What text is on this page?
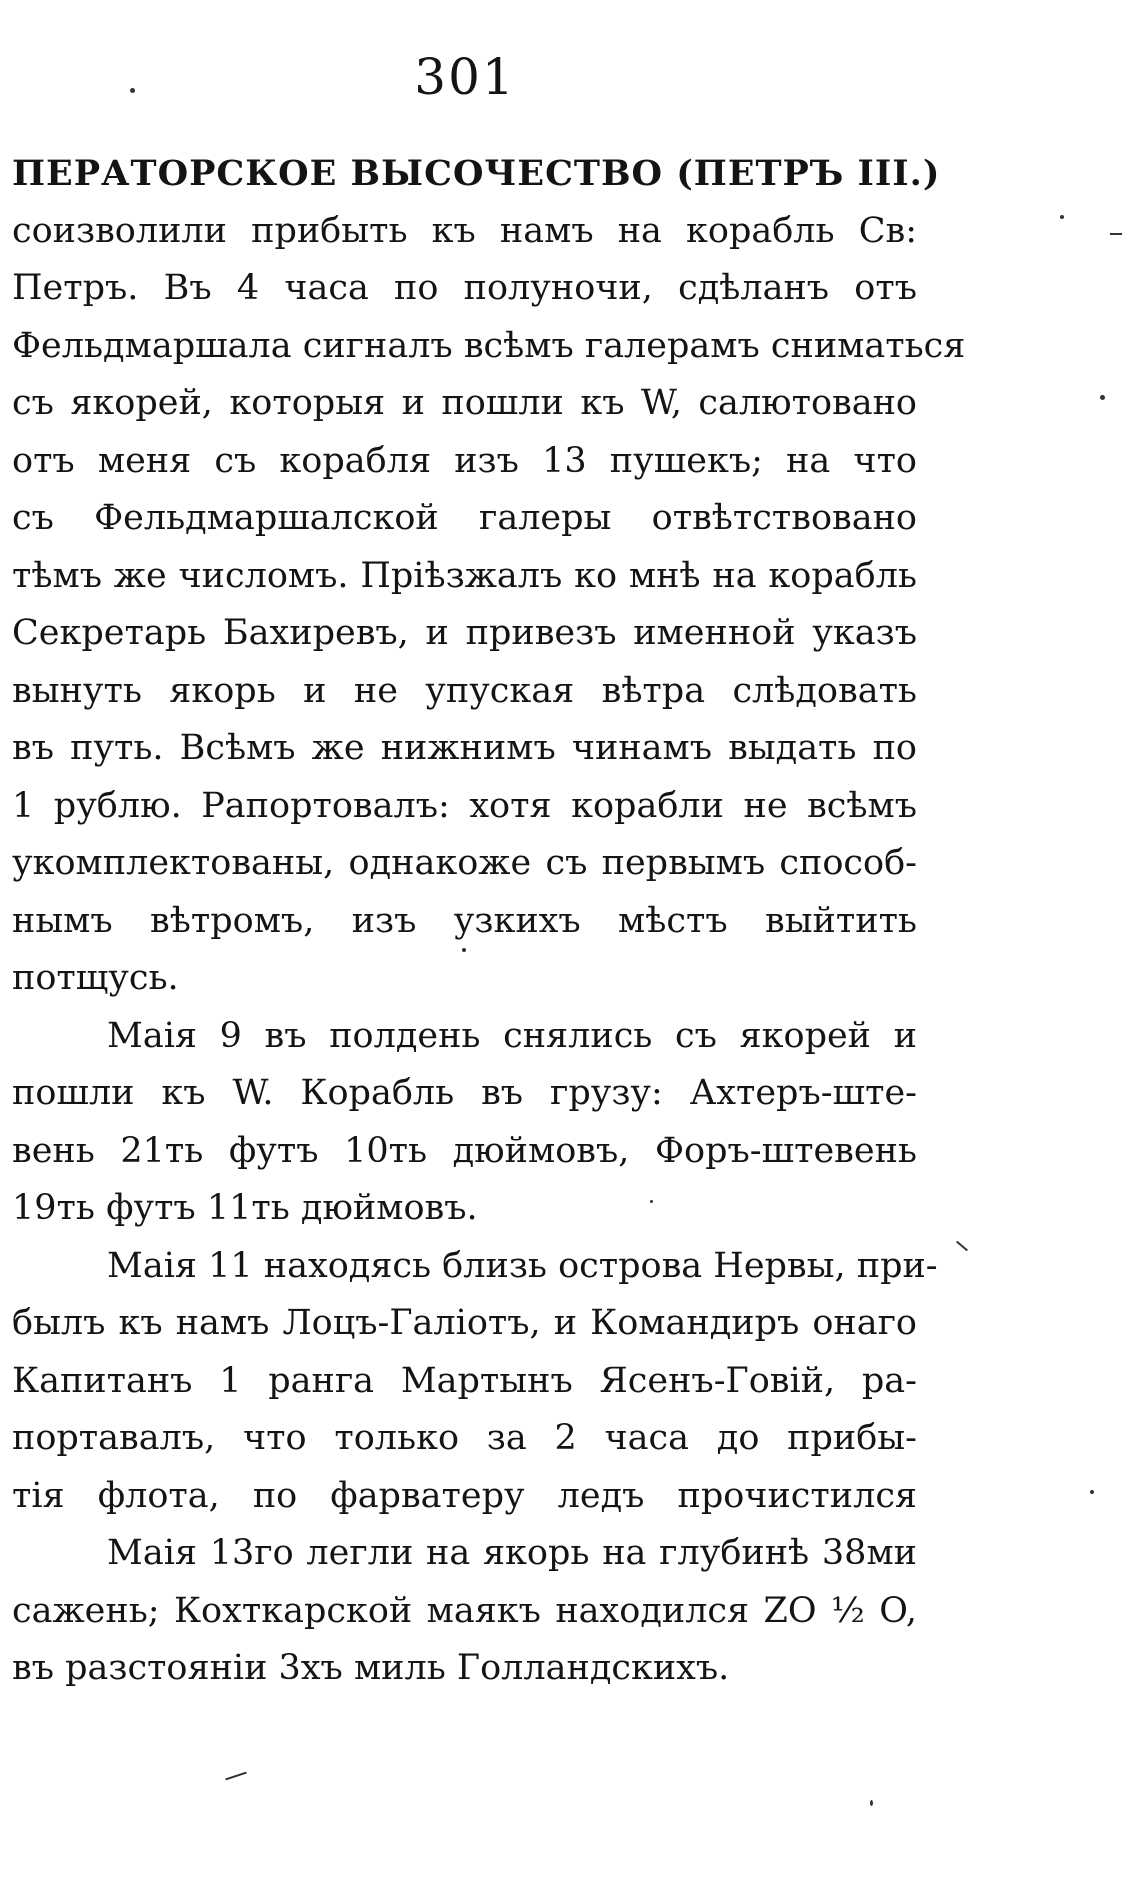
301
ПЕРАТОРСКОЕ ВЫСОЧЕСТВО (ПЕТРЪ III.)
соизволили прибыть къ намъ на корабль Св:
Петръ. Въ 4 часа по полуночи, сдѣланъ отъ
Фельдмаршала сигналъ всѣмъ галерамъ сниматься
съ якорей, которыя и пошли къ W, салютовано
отъ меня съ корабля изъ 13 пушекъ; на что
съ Фельдмаршалской галеры отвѣтствовано
тѣмъ же числомъ. Пріѣзжалъ ко мнѣ на корабль
Секретарь Бахиревъ, и привезъ именной указъ
вынуть якорь и не упуская вѣтра слѣдовать
въ путь. Всѣмъ же нижнимъ чинамъ выдать по
1 рублю. Рапортовалъ: хотя корабли не всѣмъ
укомплектованы, однакоже съ первымъ способ-
нымъ вѣтромъ, изъ узкихъ мѣстъ выйтить
потщусь.
Маія 9 въ полдень снялись съ якорей и
пошли къ W. Корабль въ грузу: Ахтеръ-штe-
вень 21ть футъ 10ть дюймовъ, Форъ-штевень
19ть футъ 11ть дюймовъ.
Маія 11 находясь близь острова Нервы, при-
былъ къ намъ Лоцъ-Галіотъ, и Командиръ онаго
Капитанъ 1 ранга Мартынъ Ясенъ-Говій, ра-
портавалъ, что только за 2 часа до прибы-
тія флота, по фарватеру ледъ прочистился
Маія 13го легли на якорь на глубинѣ 38ми
сажень; Кохткарской маякъ находился ZO ½ O,
въ разстояніи 3хъ миль Голландскихъ.
